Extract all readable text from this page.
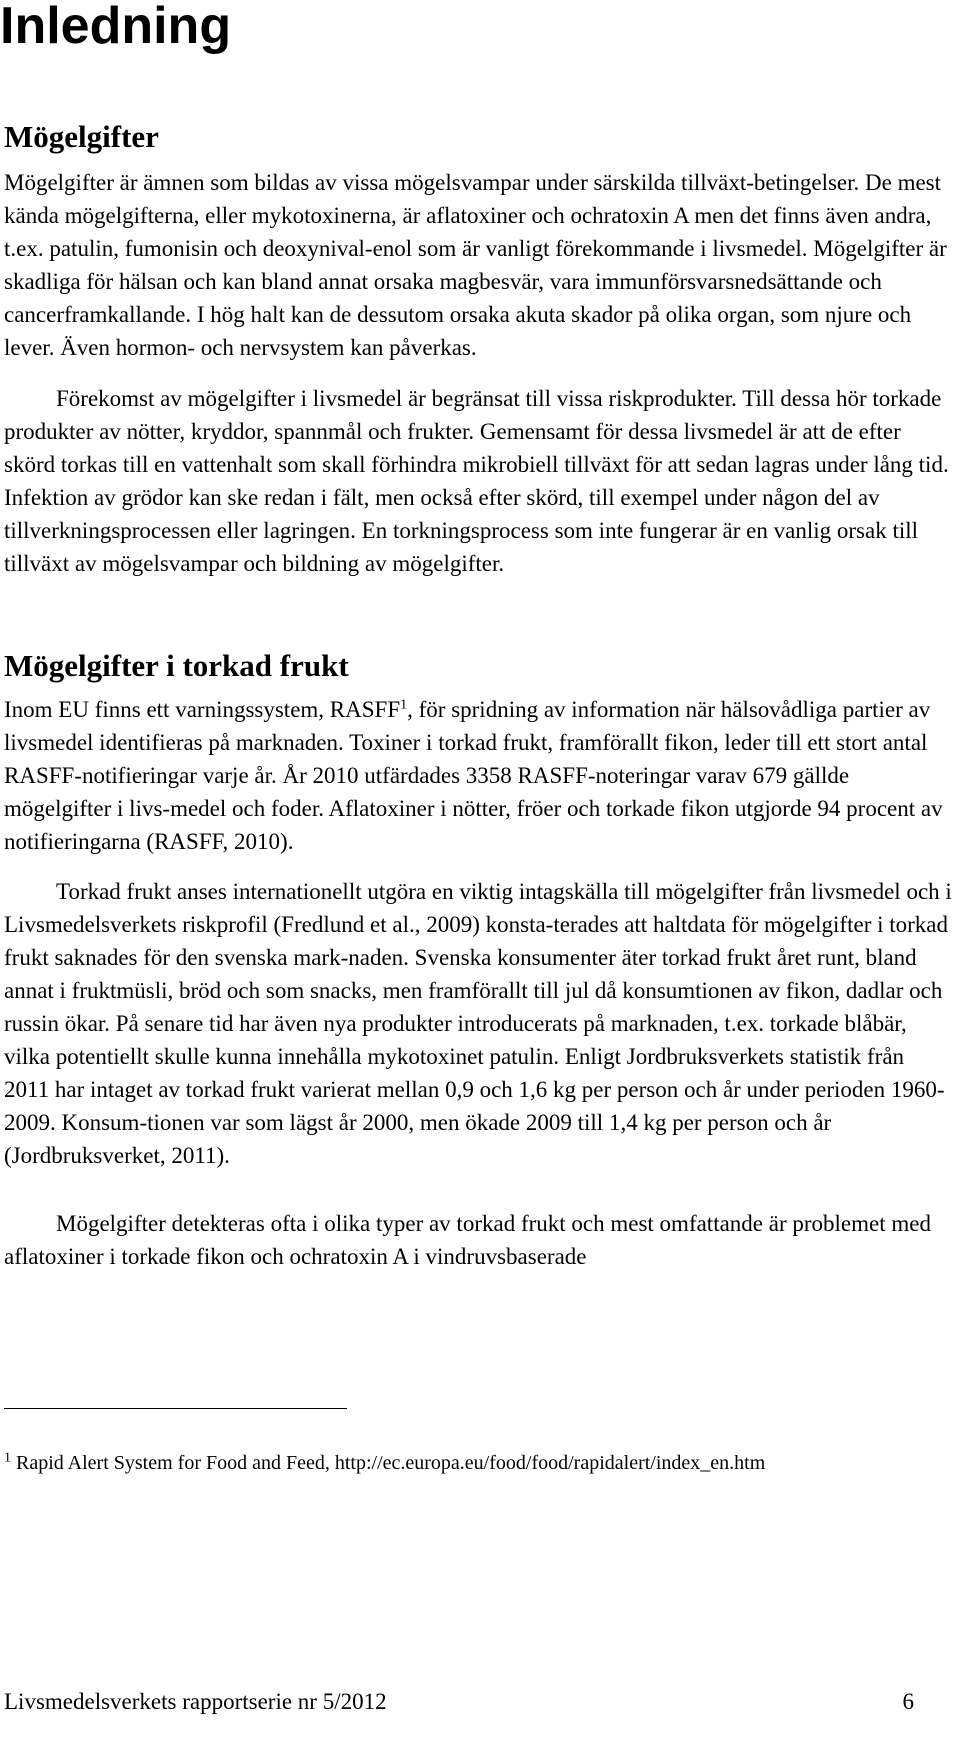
Inledning
Mögelgifter

Mögelgifter är ämnen som bildas av vissa mögelsvampar under särskilda tillväxt-betingelser. De mest kända mögelgifterna, eller mykotoxinerna, är aflatoxiner och ochratoxin A men det finns även andra, t.ex. patulin, fumonisin och deoxynival-enol som är vanligt förekommande i livsmedel. Mögelgifter är skadliga för hälsan och kan bland annat orsaka magbesvär, vara immunförsvarsnedsättande och cancerframkallande. I hög halt kan de dessutom orsaka akuta skador på olika organ, som njure och lever. Även hormon- och nervsystem kan påverkas.

Förekomst av mögelgifter i livsmedel är begränsat till vissa riskprodukter. Till dessa hör torkade produkter av nötter, kryddor, spannmål och frukter. Gemensamt för dessa livsmedel är att de efter skörd torkas till en vattenhalt som skall förhindra mikrobiell tillväxt för att sedan lagras under lång tid. Infektion av grödor kan ske redan i fält, men också efter skörd, till exempel under någon del av tillverkningsprocessen eller lagringen. En torkningsprocess som inte fungerar är en vanlig orsak till tillväxt av mögelsvampar och bildning av mögelgifter.

Mögelgifter i torkad frukt

Inom EU finns ett varningssystem, RASFF$^1$, för spridning av information när hälsovådliga partier av livsmedel identifieras på marknaden. Toxiner i torkad frukt, framförallt fikon, leder till ett stort antal RASFF-notifieringar varje år. År 2010 utfärdades 3358 RASFF-noteringar varav 679 gällde mögelgifter i livs-medel och foder. Aflatoxiner i nötter, fröer och torkade fikon utgjorde 94 procent av notifieringarna (RASFF, 2010).

Torkad frukt anses internationellt utgöra en viktig intagskälla till mögelgifter från livsmedel och i Livsmedelsverkets riskprofil (Fredlund et al., 2009) konsta-terades att haltdata för mögelgifter i torkad frukt saknades för den svenska mark-naden. Svenska konsumenter äter torkad frukt året runt, bland annat i fruktmüsli, bröd och som snacks, men framförallt till jul då konsumtionen av fikon, dadlar och russin ökar. På senare tid har även nya produkter introducerats på marknaden, t.ex. torkade blåbär, vilka potentiellt skulle kunna innehålla mykotoxinet patulin. Enligt Jordbruksverkets statistik från 2011 har intaget av torkad frukt varierat mellan 0,9 och 1,6 kg per person och år under perioden 1960-2009. Konsum-tionen var som lägst år 2000, men ökade 2009 till 1,4 kg per person och år (Jordbruksverket, 2011).

Mögelgifter detekteras ofta i olika typer av torkad frukt och mest omfattande är problemet med aflatoxiner i torkade fikon och ochratoxin A i vindruvsbaserade

$^1$ Rapid Alert System for Food and Feed, http://ec.europa.eu/food/food/rapidalert/index_en.htm
Livsmedelsverkets rapportserie nr 5/2012	6
